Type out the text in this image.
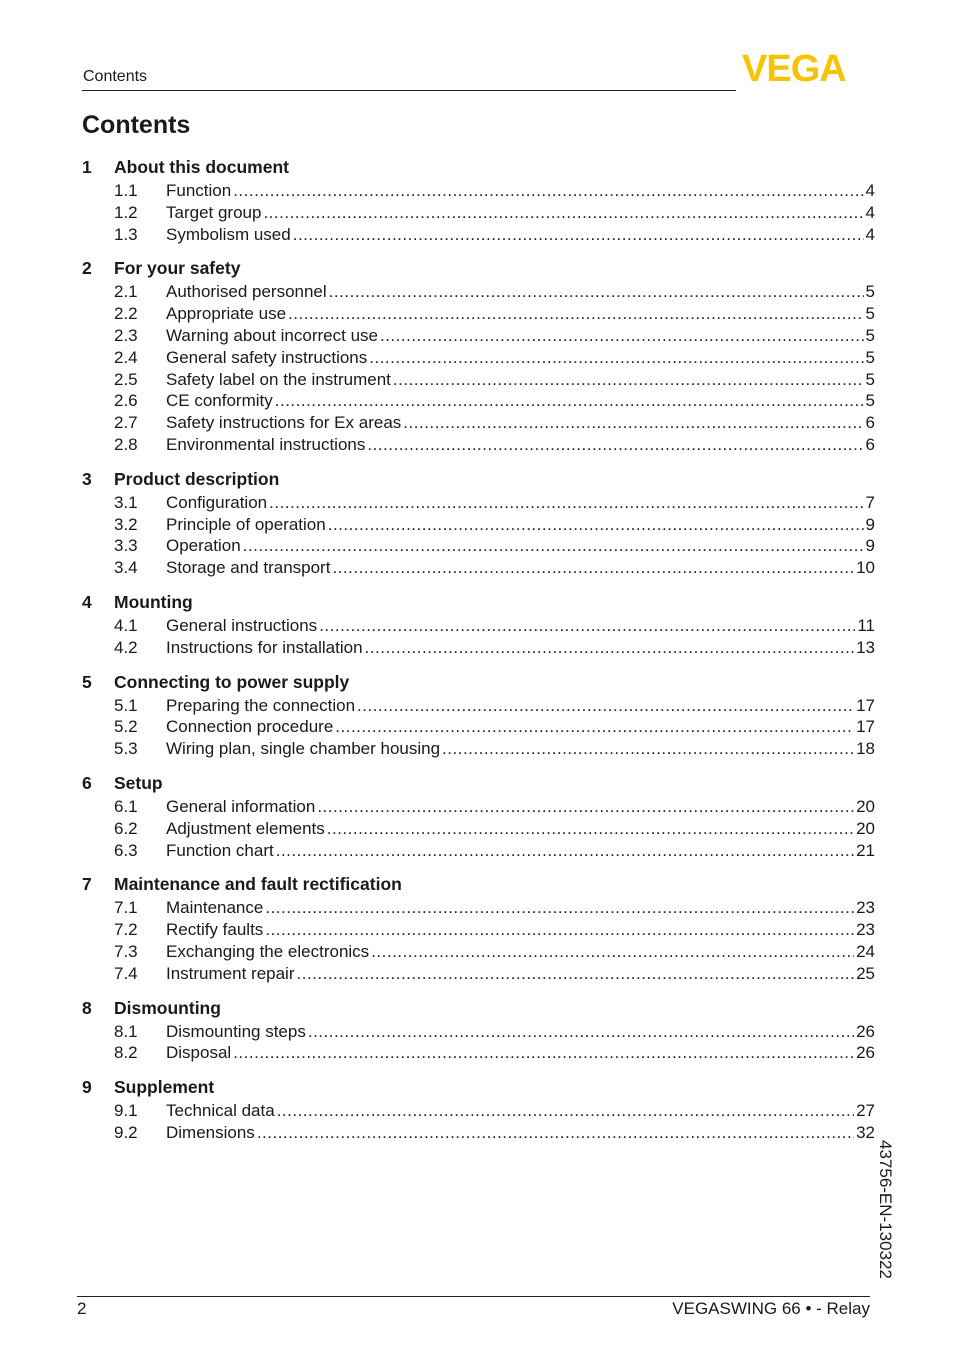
Contents	VEGA
Contents
1	About this document
1.1	Function .....	4
1.2	Target group .....	4
1.3	Symbolism used .....	4
2	For your safety
2.1	Authorised personnel .....	5
2.2	Appropriate use .....	5
2.3	Warning about incorrect use .....	5
2.4	General safety instructions .....	5
2.5	Safety label on the instrument .....	5
2.6	CE conformity .....	5
2.7	Safety instructions for Ex areas .....	6
2.8	Environmental instructions .....	6
3	Product description
3.1	Configuration .....	7
3.2	Principle of operation .....	9
3.3	Operation .....	9
3.4	Storage and transport .....	10
4	Mounting
4.1	General instructions .....	11
4.2	Instructions for installation .....	13
5	Connecting to power supply
5.1	Preparing the connection .....	17
5.2	Connection procedure .....	17
5.3	Wiring plan, single chamber housing .....	18
6	Setup
6.1	General information .....	20
6.2	Adjustment elements .....	20
6.3	Function chart .....	21
7	Maintenance and fault rectification
7.1	Maintenance .....	23
7.2	Rectify faults .....	23
7.3	Exchanging the electronics .....	24
7.4	Instrument repair .....	25
8	Dismounting
8.1	Dismounting steps .....	26
8.2	Disposal .....	26
9	Supplement
9.1	Technical data .....	27
9.2	Dimensions .....	32
43756-EN-130322
2	VEGASWING 66 • - Relay
